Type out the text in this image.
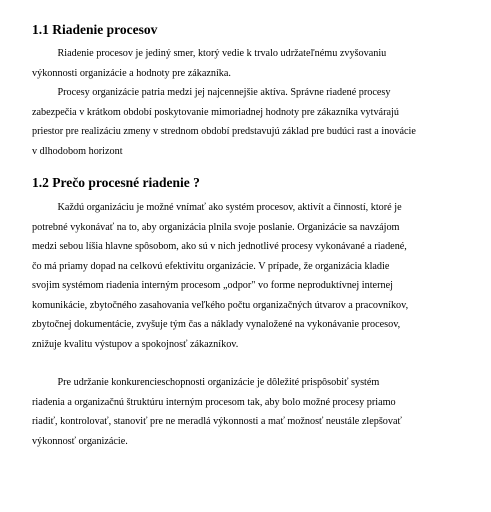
1.1 Riadenie procesov

Riadenie procesov je jediný smer, ktorý vedie k trvalo udržateľnému zvyšovaniu
výkonnosti organizácie a hodnoty pre zákazníka.

Procesy organizácie patria medzi jej najcennejšie aktíva. Správne riadené procesy
zabezpečia v krátkom období poskytovanie mimoriadnej hodnoty pre zákazníka vytvárajú
priestor pre realizáciu zmeny v strednom období predstavujú základ pre budúci rast a inovácie
v dlhodobom horizont

1.2 Prečo procesné riadenie ?

Každú organizáciu je možné vnímať ako systém procesov, aktivít a činností, ktoré je
potrebné vykonávať na to, aby organizácia plnila svoje poslanie. Organizácie sa navzájom
medzi sebou líšia hlavne spôsobom, ako sú v nich jednotlivé procesy vykonávané a riadené,
čo má priamy dopad na celkovú efektivitu organizácie. V prípade, že organizácia kladie
svojim systémom riadenia interným procesom „odpor" vo forme neproduktívnej internej
komunikácie, zbytočného zasahovania veľkého počtu organizačných útvarov a pracovníkov,
zbytočnej dokumentácie, zvyšuje tým čas a náklady vynaložené na vykonávanie procesov,
znižuje kvalitu výstupov a spokojnosť zákazníkov.

Pre udržanie konkurencieschopnosti organizácie je dôležité prispôsobiť systém
riadenia a organizačnú štruktúru interným procesom tak, aby bolo možné procesy priamo
riadiť, kontrolovať, stanoviť pre ne meradlá výkonnosti a mať možnosť neustále zlepšovať
výkonnosť organizácie.
